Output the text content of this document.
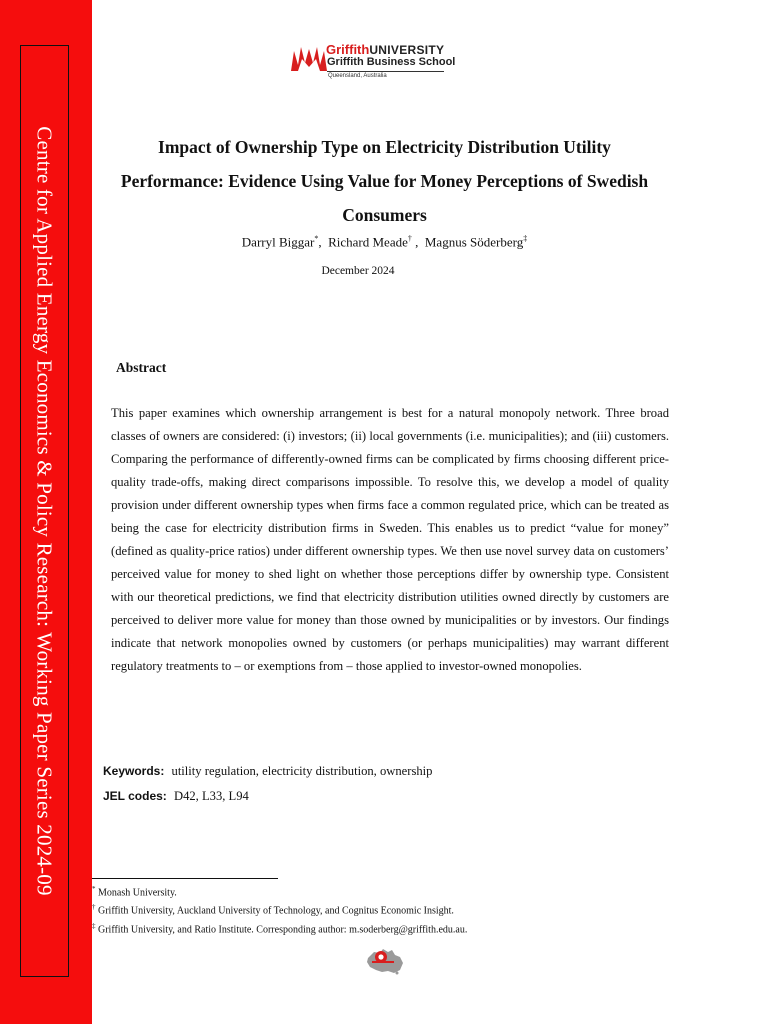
Centre for Applied Energy Economics & Policy Research: Working Paper Series 2024-09
GriffithUNIVERSITY
Griffith Business School
Queensland, Australia
Impact of Ownership Type on Electricity Distribution Utility Performance: Evidence Using Value for Money Perceptions of Swedish Consumers
Darryl Biggar*,  Richard Meade† ,  Magnus Söderberg‡
December 2024
Abstract

This paper examines which ownership arrangement is best for a natural monopoly network. Three broad classes of owners are considered: (i) investors; (ii) local governments (i.e. municipalities); and (iii) customers. Comparing the performance of differently-owned firms can be complicated by firms choosing different price-quality trade-offs, making direct comparisons impossible. To resolve this, we develop a model of quality provision under different ownership types when firms face a common regulated price, which can be treated as being the case for electricity distribution firms in Sweden. This enables us to predict “value for money” (defined as quality-price ratios) under different ownership types. We then use novel survey data on customers’ perceived value for money to shed light on whether those perceptions differ by ownership type. Consistent with our theoretical predictions, we find that electricity distribution utilities owned directly by customers are perceived to deliver more value for money than those owned by municipalities or by investors. Our findings indicate that network monopolies owned by customers (or perhaps municipalities) may warrant different regulatory treatments to – or exemptions from – those applied to investor-owned monopolies.

Keywords: utility regulation, electricity distribution, ownership
JEL codes: D42, L33, L94
* Monash University.
† Griffith University, Auckland University of Technology, and Cognitus Economic Insight.
‡ Griffith University, and Ratio Institute. Corresponding author: m.soderberg@griffith.edu.au.
